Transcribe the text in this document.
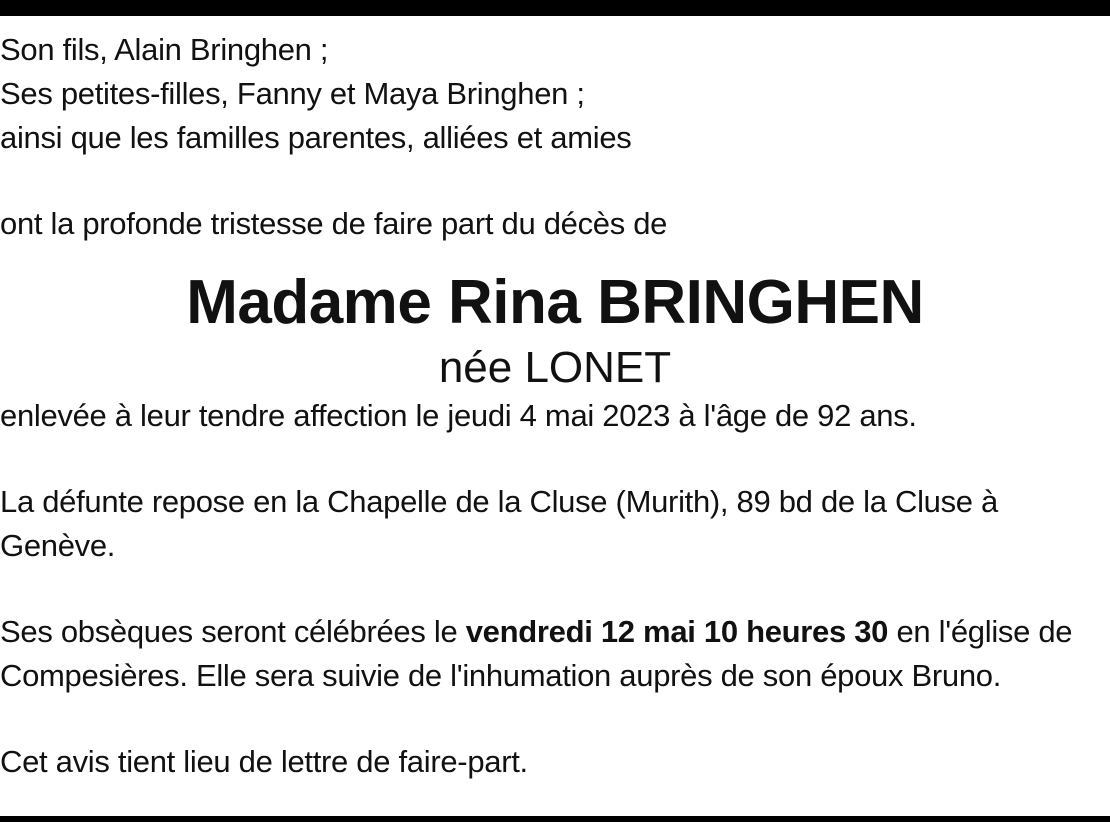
Son fils, Alain Bringhen ;
Ses petites-filles, Fanny et Maya Bringhen ;
ainsi que les familles parentes, alliées et amies
ont la profonde tristesse de faire part du décès de
Madame Rina BRINGHEN
née LONET
enlevée à leur tendre affection le jeudi 4 mai 2023 à l'âge de 92 ans.
La défunte repose en la Chapelle de la Cluse (Murith), 89 bd de la Cluse à
Genève.
Ses obsèques seront célébrées le vendredi 12 mai 10 heures 30 en l'église de
Compesières. Elle sera suivie de l'inhumation auprès de son époux Bruno.
Cet avis tient lieu de lettre de faire-part.
